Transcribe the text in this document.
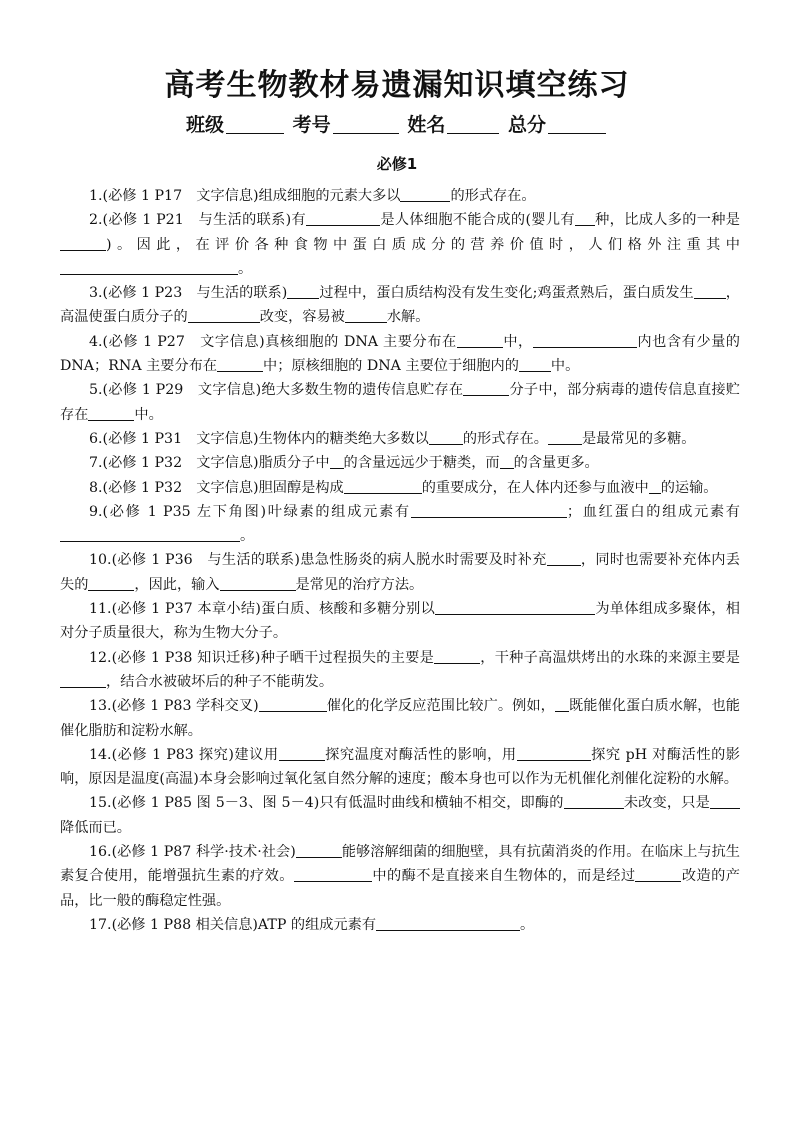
高考生物教材易遗漏知识填空练习
班级	考号	姓名	总分
必修1
1.(必修 1 P17　文字信息)组成细胞的元素大多以	的形式存在。
2.(必修 1 P21　与生活的联系)有	是人体细胞不能合成的(婴儿有 种，比成人多的一种是)。因此，在评价各种食物中蛋白质成分的营养价值时，人们格外注重其中。
3.(必修 1 P23　与生活的联系) 过程中，蛋白质结构没有发生变化;鸡蛋煮熟后，蛋白质发生 ，高温使蛋白质分子的	改变，容易被	水解。
4.(必修 1 P27　文字信息)真核细胞的 DNA 主要分布在	中，	内也含有少量的 DNA；RNA 主要分布在	中；原核细胞的 DNA 主要位于细胞内的 中。
5.(必修 1 P29　文字信息)绝大多数生物的遗传信息贮存在	分子中，部分病毒的遗传信息直接贮存在	中。
6.(必修 1 P31　文字信息)生物体内的糖类绝大多数以 的形式存在。 是最常见的多糖。
7.(必修 1 P32　文字信息)脂质分子中 的含量远远少于糖类，而 的含量更多。
8.(必修 1 P32　文字信息)胆固醇是构成	的重要成分，在人体内还参与血液中 的运输。
9.(必修 1 P35 左下角图)叶绿素的组成元素有	；血红蛋白的组成元素有。
10.(必修 1 P36　与生活的联系)患急性肠炎的病人脱水时需要及时补充 ，同时也需要补充体内丢失的	，因此，输入	是常见的治疗方法。
11.(必修 1 P37 本章小结)蛋白质、核酸和多糖分别以	为单体组成多聚体，相对分子质量很大，称为生物大分子。
12.(必修 1 P38 知识迁移)种子晒干过程损失的主要是	，干种子高温烘烤出的水珠的来源主要是，结合水被破坏后的种子不能萌发。
13.(必修 1 P83 学科交叉)	催化的化学反应范围比较广。例如， 既能催化蛋白质水解，也能催化脂肪和淀粉水解。
14.(必修 1 P83 探究)建议用	探究温度对酶活性的影响，用	探究 pH 对酶活性的影响，原因是温度(高温)本身会影响过氧化氢自然分解的速度；酸本身也可以作为无机催化剂催化淀粉的水解。
15.(必修 1 P85 图 5－3、图 5－4)只有低温时曲线和横轴不相交，即酶的	未改变，只是降低而已。
16.(必修 1 P87 科学·技术·社会)	能够溶解细菌的细胞壁，具有抗菌消炎的作用。在临床上与抗生素复合使用，能增强抗生素的疗效。	中的酶不是直接来自生物体的，而是经过	改造的产品，比一般的酶稳定性强。
17.(必修 1 P88 相关信息)ATP 的组成元素有	。
